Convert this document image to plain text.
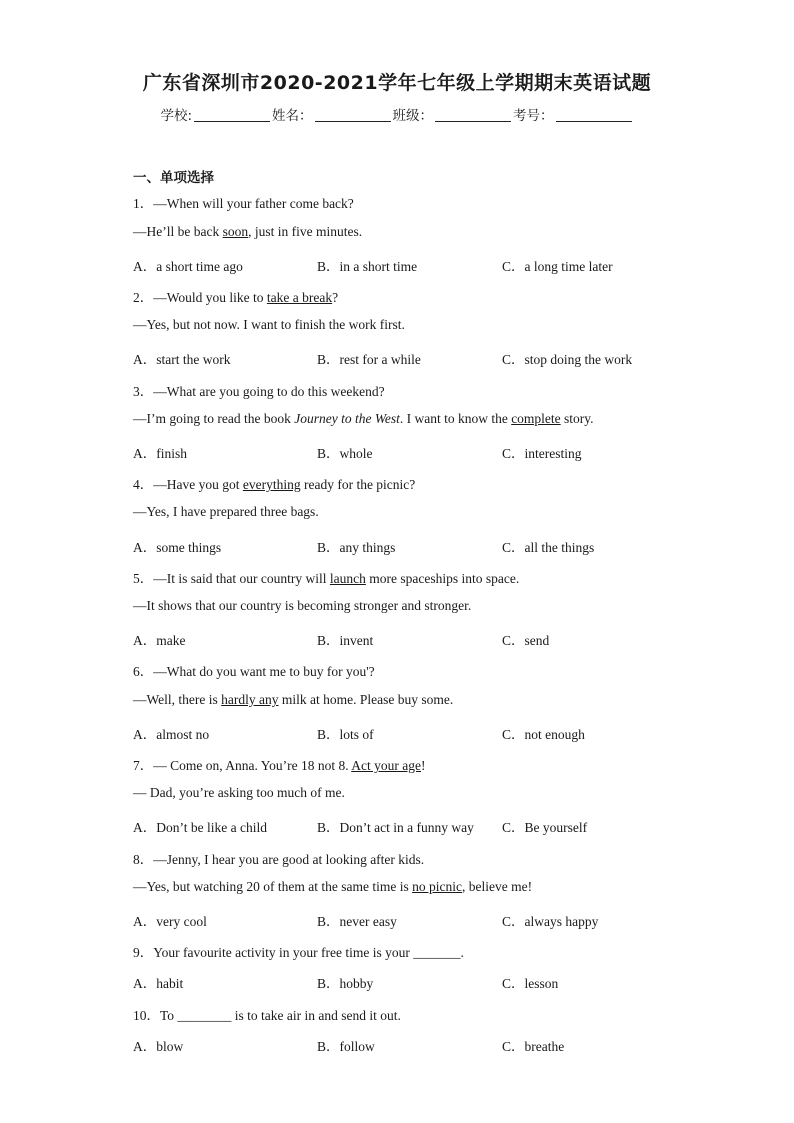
广东省深圳市2020-2021学年七年级上学期期末英语试题
学校:	姓名：	班级：	考号：
一、单项选择
1．—When will your father come back?
—He’ll be back soon, just in five minutes.
A．a short time ago	B．in a short time	C．a long time later
2．—Would you like to take a break?
—Yes, but not now. I want to finish the work first.
A．start the work	B．rest for a while	C．stop doing the work
3．—What are you going to do this weekend?
—I’m going to read the book Journey to the West. I want to know the complete story.
A．finish	B．whole	C．interesting
4．—Have you got everything ready for the picnic?
—Yes, I have prepared three bags.
A．some things	B．any things	C．all the things
5．—It is said that our country will launch more spaceships into space.
—It shows that our country is becoming stronger and stronger.
A．make	B．invent	C．send
6．—What do you want me to buy for you'?
—Well, there is hardly any milk at home. Please buy some.
A．almost no	B．lots of	C．not enough
7．— Come on, Anna. You’re 18 not 8. Act your age!
— Dad, you’re asking too much of me.
A．Don’t be like a child	B．Don’t act in a funny way C．Be yourself
8．—Jenny, I hear you are good at looking after kids.
—Yes, but watching 20 of them at the same time is no picnic, believe me!
A．very cool	B．never easy	C．always happy
9．Your favourite activity in your free time is your _______.
A．habit	B．hobby	C．lesson
10．To ________ is to take air in and send it out.
A．blow	B．follow	C．breathe
